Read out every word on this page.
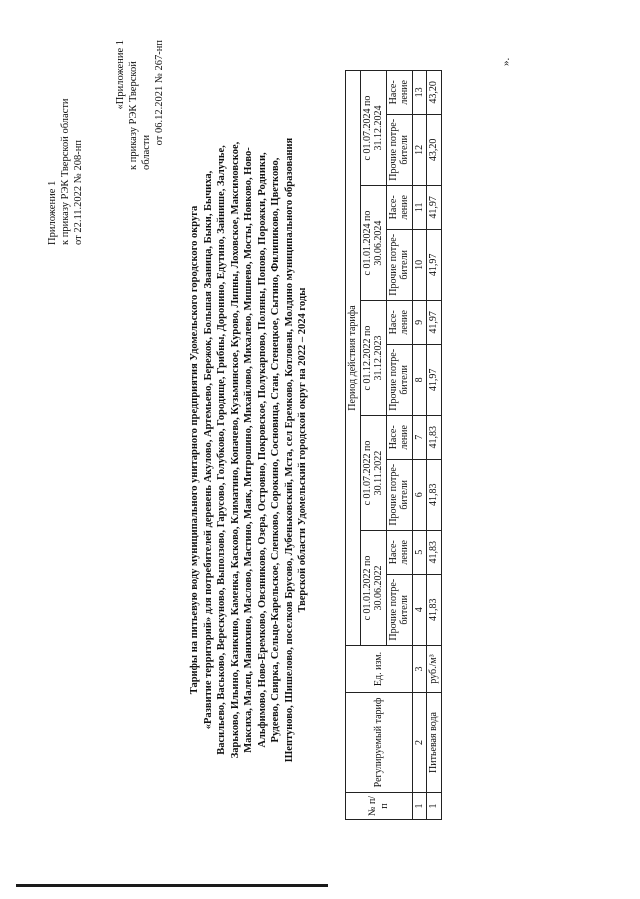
Приложение 1 к приказу РЭК Тверской области от 22.11.2022 № 208-нп
«Приложение 1 к приказу РЭК Тверской области
от 06.12.2021 № 267-нп
Тарифы на питьевую воду муниципального унитарного предприятия Удомельского городского округа «Развитие территорий» для потребителей деревень Акулово, Артемьево, Бережок, Большая Званица, Быки, Бычиха, Васильево, Васьково, Верескуново, Выползово, Гарусово, Голубково, Городище, Грибны, Доронино, Едутино, Зайнише, Залучье, Зарьково, Ильино, Казикино, Каменка, Касково, Климатино, Копачево, Кузьминское, Курово, Липны, Лоховское, Максимовское, Максиха, Малец, Манихино, Масловo, Мастино, Маяк, Митрошино, Михайлово, Михалево, Мишнево, Мосты, Новково, Ново- Альфимово, Ново-Еремково, Овсяниково, Озера, Островно, Покровское, Полукарпово, Поляны, Попово, Порожки, Родники, Рудеево, Свирка, Сельцо-Карельское, Слепково, Сорокино, Сосновица, Стан, Стенецкое, Сытино, Филипиково, Цветково, Шептуново, Шишелово, поселков Брусово, Лубеньковский, Мста, сел Еремково, Котлован, Молдино муниципального образования Тверской области Удомельский городской округ на 2022 – 2024 годы
№ п/п	Регулируемый тариф	Ед. изм.	Период действия тарифа									
			с 01.01.2022 по 30.06.2022		с 01.07.2022 по 30.11.2022		с 01.12.2022 по 31.12.2023		с 01.01.2024 по 30.06.2024		с 01.07.2024 по 31.12.2024	
			Прочие потре-бители	Насе-ление	Прочие потре-бители	Насе-ление	Прочие потре-бители	Насе-ление	Прочие потре-бители	Насе-ление	Прочие потре-бители	Насе-ление
1	2	3	4	5	6	7	8	9	10	11	12	13
1	Питьевая вода	руб./м³	41,83	41,83	41,83	41,83	41,97	41,97	41,97	41,97	43,20	43,20
».
